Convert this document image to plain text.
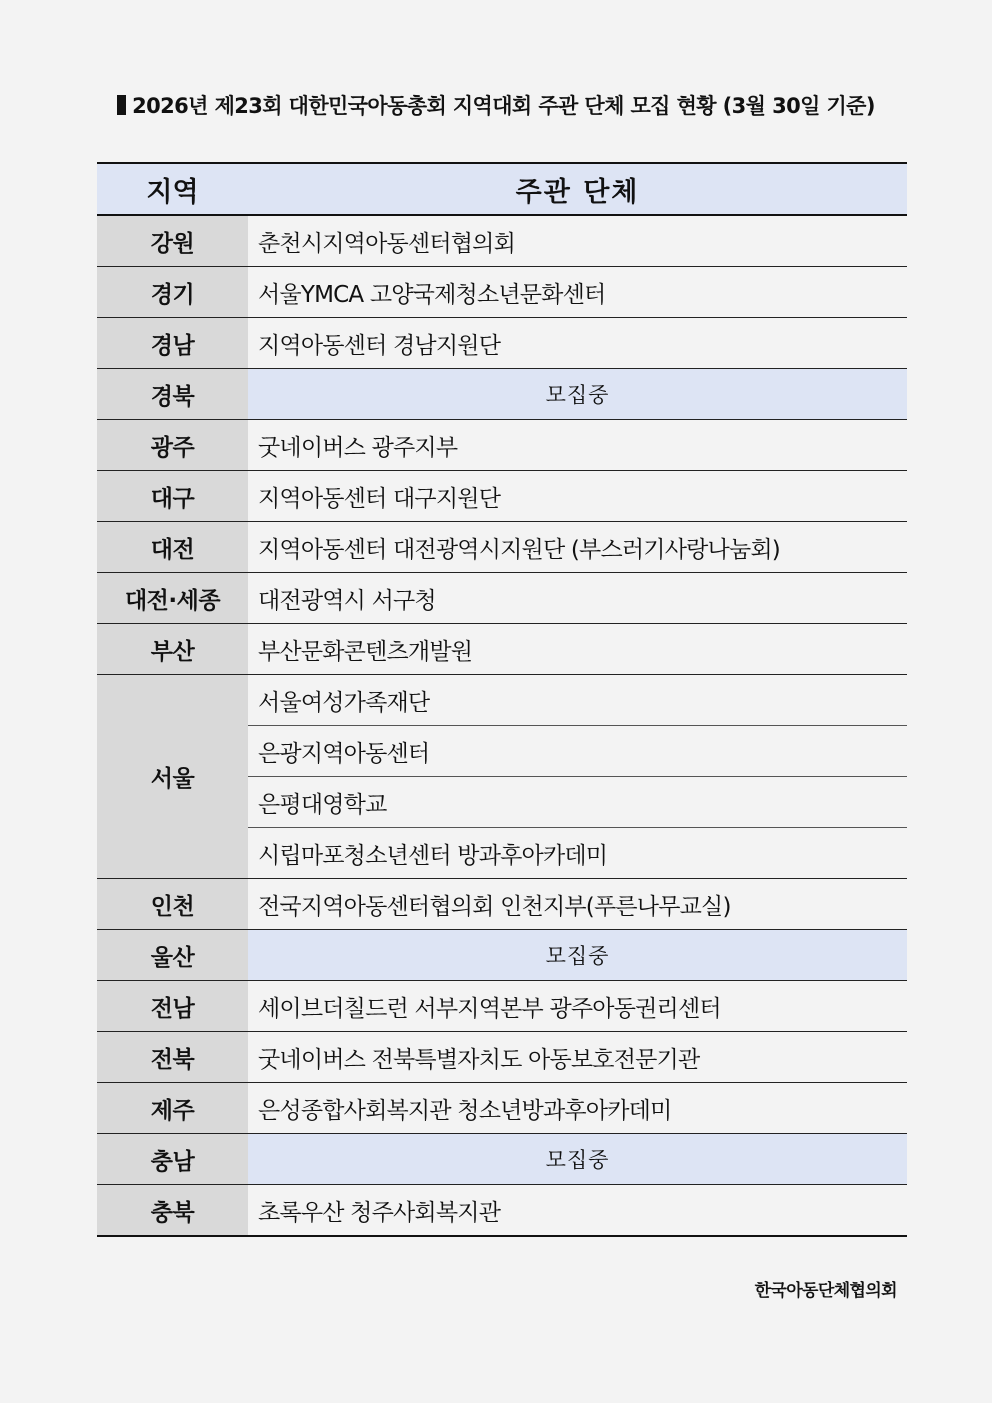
2026년 제23회 대한민국아동총회 지역대회 주관 단체 모집 현황 (3월 30일 기준)
지역	주관 단체
강원	춘천시지역아동센터협의회
경기	서울YMCA 고양국제청소년문화센터
경남	지역아동센터 경남지원단
경북	모집중
광주	굿네이버스 광주지부
대구	지역아동센터 대구지원단
대전	지역아동센터 대전광역시지원단 (부스러기사랑나눔회)
대전·세종	대전광역시 서구청
부산	부산문화콘텐츠개발원
서울	서울여성가족재단
	은광지역아동센터
	은평대영학교
	시립마포청소년센터 방과후아카데미
인천	전국지역아동센터협의회 인천지부(푸른나무교실)
울산	모집중
전남	세이브더칠드런 서부지역본부 광주아동권리센터
전북	굿네이버스 전북특별자치도 아동보호전문기관
제주	은성종합사회복지관 청소년방과후아카데미
충남	모집중
충북	초록우산 청주사회복지관
한국아동단체협의회
